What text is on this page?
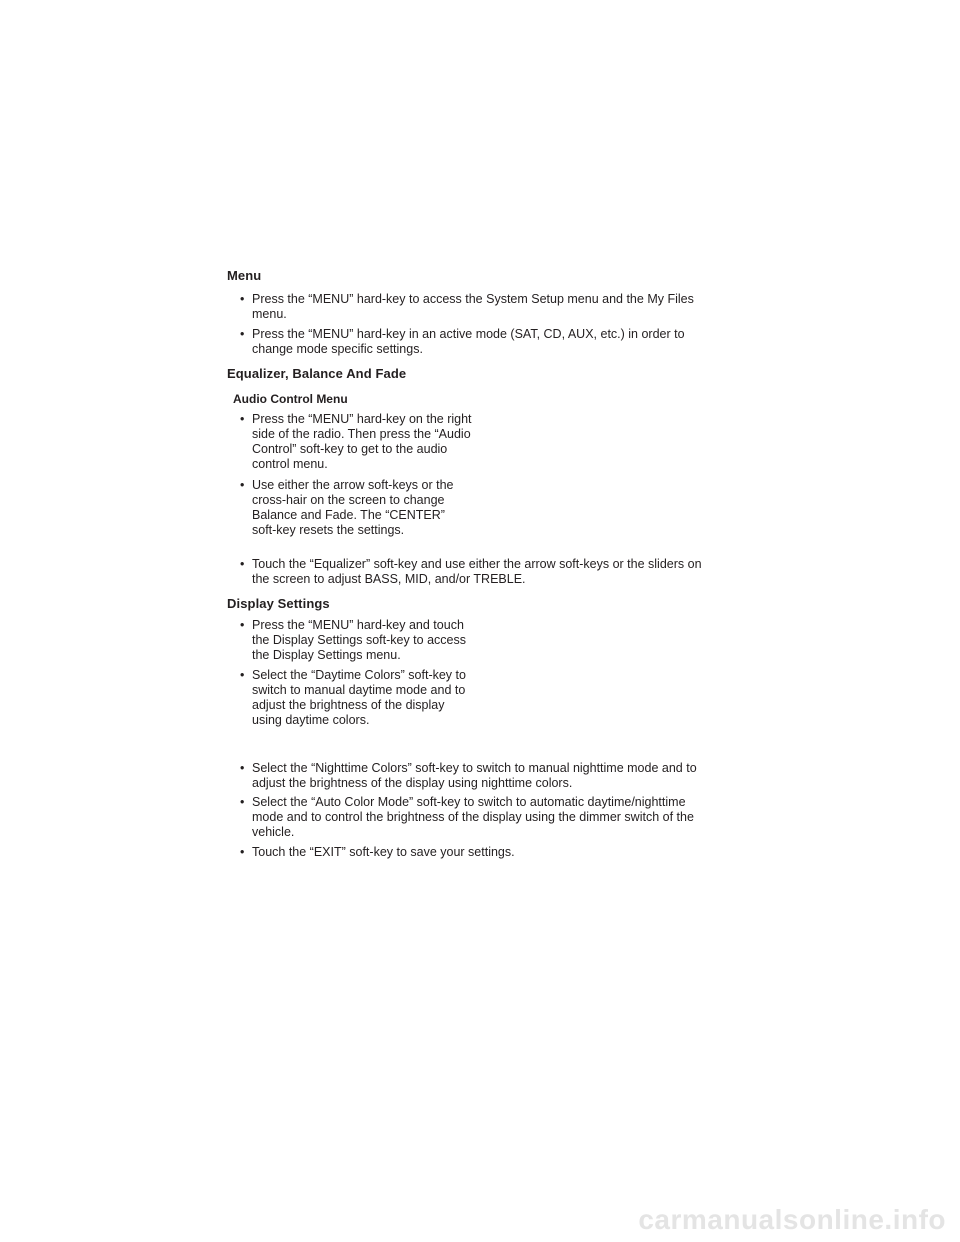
Menu
• Press the “MENU” hard-key to access the System Setup menu and the My Files menu.
• Press the “MENU” hard-key in an active mode (SAT, CD, AUX, etc.) in order to change mode specific settings.
Equalizer, Balance And Fade
Audio Control Menu
• Press the “MENU” hard-key on the right side of the radio. Then press the “Audio Control” soft-key to get to the audio control menu.
• Use either the arrow soft-keys or the cross-hair on the screen to change Balance and Fade. The “CENTER” soft-key resets the settings.
• Touch the “Equalizer” soft-key and use either the arrow soft-keys or the sliders on the screen to adjust BASS, MID, and/or TREBLE.
Display Settings
• Press the “MENU” hard-key and touch the Display Settings soft-key to access the Display Settings menu.
• Select the “Daytime Colors” soft-key to switch to manual daytime mode and to adjust the brightness of the display using daytime colors.
• Select the “Nighttime Colors” soft-key to switch to manual nighttime mode and to adjust the brightness of the display using nighttime colors.
• Select the “Auto Color Mode” soft-key to switch to automatic daytime/nighttime mode and to control the brightness of the display using the dimmer switch of the vehicle.
• Touch the “EXIT” soft-key to save your settings.
carmanualsonline.info
